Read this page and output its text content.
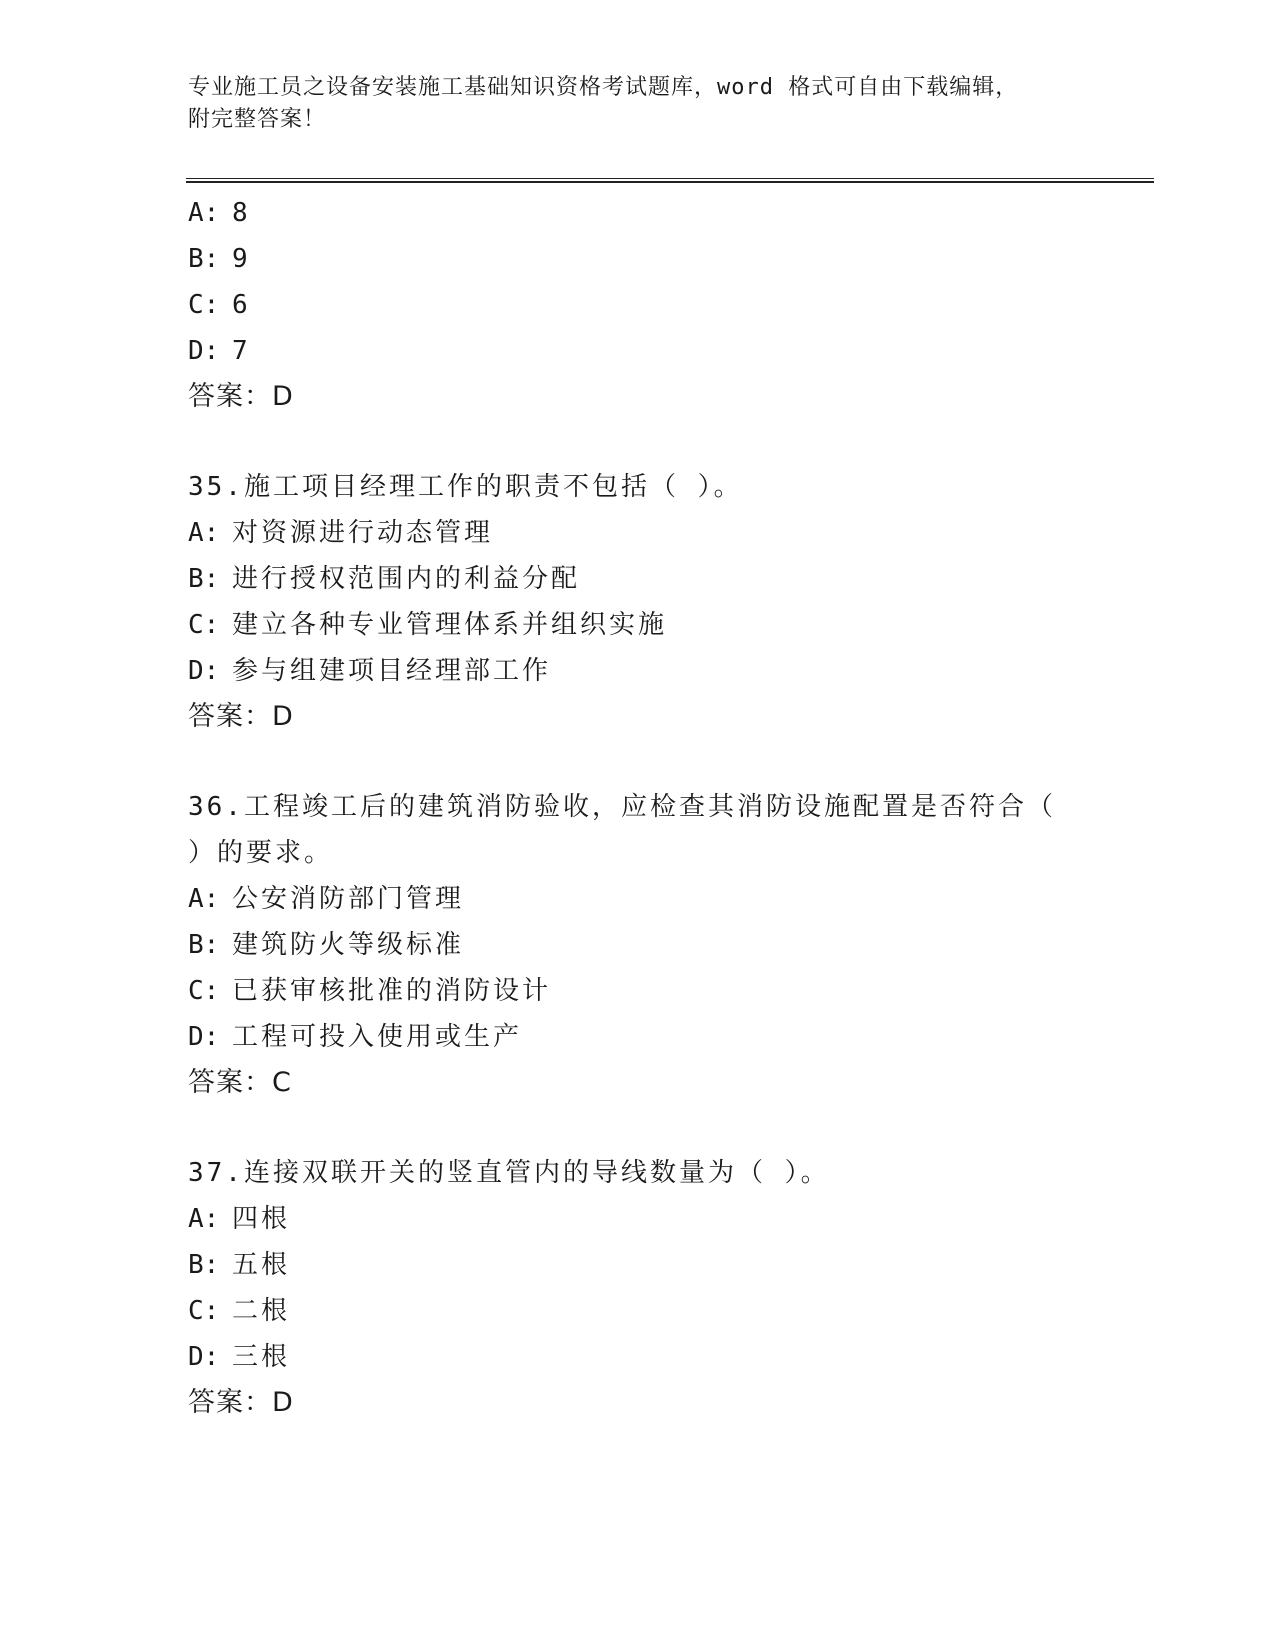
专业施工员之设备安装施工基础知识资格考试题库，word 格式可自由下载编辑，
附完整答案！
A: 8
B: 9
C: 6
D: 7
答案：D
35.施工项目经理工作的职责不包括（ ）。
A: 对资源进行动态管理
B: 进行授权范围内的利益分配
C: 建立各种专业管理体系并组织实施
D: 参与组建项目经理部工作
答案：D
36.工程竣工后的建筑消防验收，应检查其消防设施配置是否符合（
）的要求。
A: 公安消防部门管理
B: 建筑防火等级标准
C: 已获审核批准的消防设计
D: 工程可投入使用或生产
答案：C
37.连接双联开关的竖直管内的导线数量为（ ）。
A: 四根
B: 五根
C: 二根
D: 三根
答案：D
